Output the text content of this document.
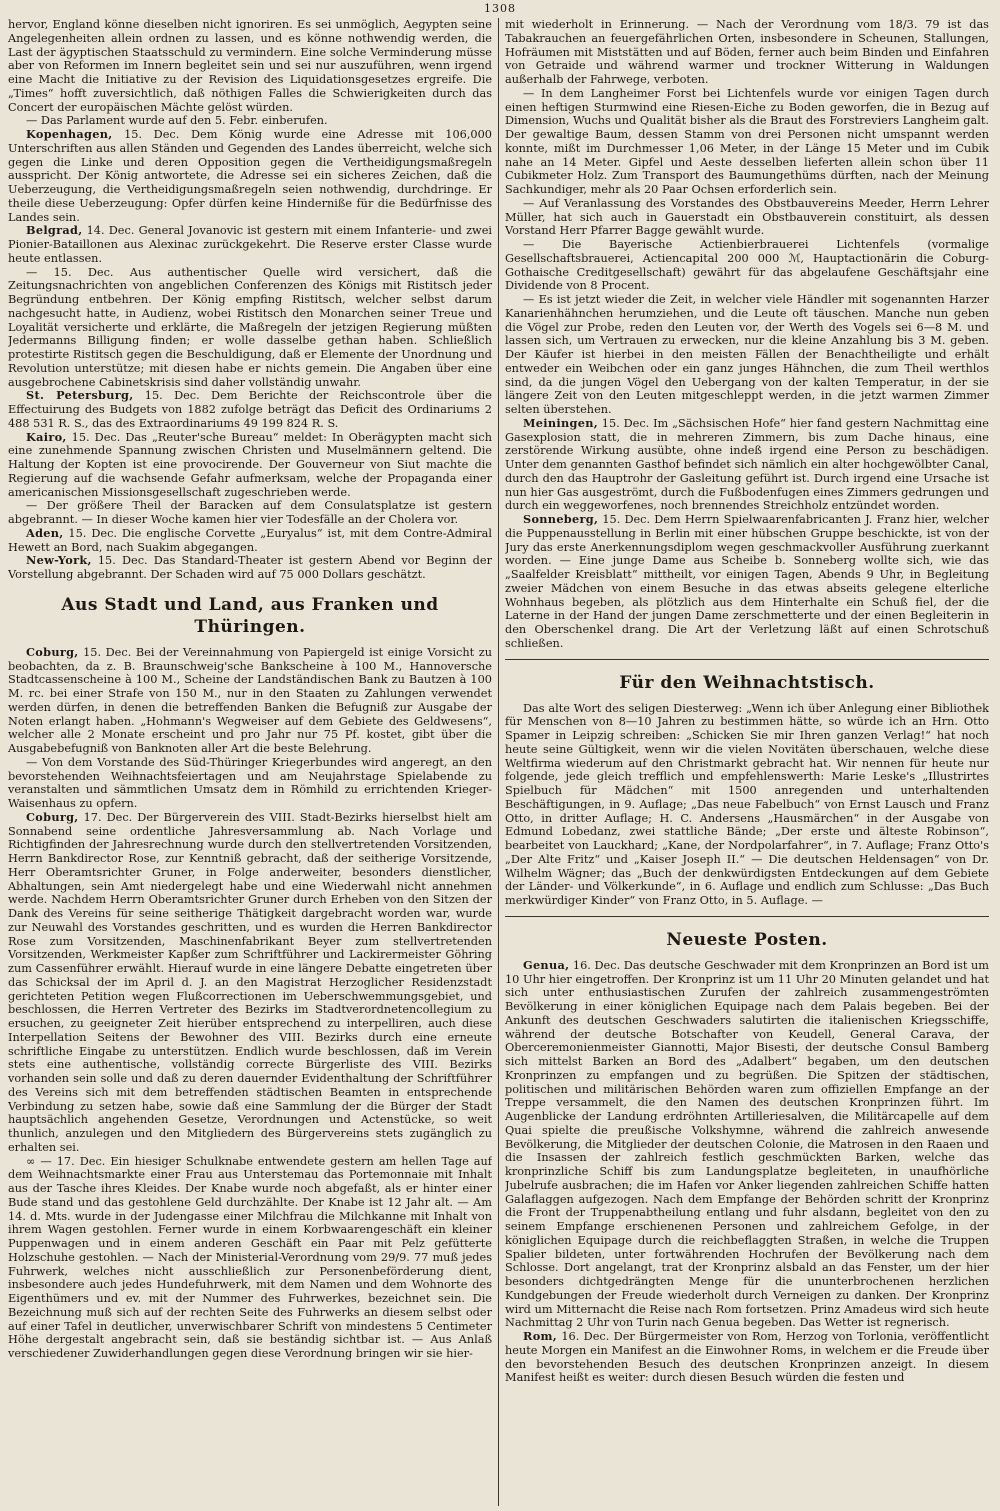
1308

hervor, England könne dieselben nicht ignoriren. Es sei unmöglich, Aegypten seine Angelegenheiten allein ordnen zu lassen, und es könne nothwendig werden, die Last der ägyptischen Staatsschuld zu vermindern. Eine solche Verminderung müsse aber von Reformen im Innern begleitet sein und sei nur auszuführen, wenn irgend eine Macht die Initiative zu der Revision des Liquidationsgesetzes ergreife. Die „Times“ hofft zuversichtlich, daß nöthigen Falles die Schwierigkeiten durch das Concert der europäischen Mächte gelöst würden.

— Das Parlament wurde auf den 5. Febr. einberufen.

Kopenhagen, 15. Dec. Dem König wurde eine Adresse mit 106,000 Unterschriften aus allen Ständen und Gegenden des Landes überreicht, welche sich gegen die Linke und deren Opposition gegen die Vertheidigungsmaßregeln ausspricht. Der König antwortete, die Adresse sei ein sicheres Zeichen, daß die Ueberzeugung, die Vertheidigungsmaßregeln seien nothwendig, durchdringe. Er theile diese Ueberzeugung: Opfer dürfen keine Hinderniße für die Bedürfnisse des Landes sein.

Belgrad, 14. Dec. General Jovanovic ist gestern mit einem Infanterie- und zwei Pionier-Bataillonen aus Alexinac zurückgekehrt. Die Reserve erster Classe wurde heute entlassen.

— 15. Dec. Aus authentischer Quelle wird versichert, daß die Zeitungsnachrichten von angeblichen Conferenzen des Königs mit Ristitsch jeder Begründung entbehren. Der König empfing Ristitsch, welcher selbst darum nachgesucht hatte, in Audienz, wobei Ristitsch den Monarchen seiner Treue und Loyalität versicherte und erklärte, die Maßregeln der jetzigen Regierung müßten Jedermanns Billigung finden; er wolle dasselbe gethan haben. Schließlich protestirte Ristitsch gegen die Beschuldigung, daß er Elemente der Unordnung und Revolution unterstütze; mit diesen habe er nichts gemein. Die Angaben über eine ausgebrochene Cabinetskrisis sind daher vollständig unwahr.

St. Petersburg, 15. Dec. Dem Berichte der Reichscontrole über die Effectuirung des Budgets von 1882 zufolge beträgt das Deficit des Ordinariums 2 488 531 R. S., das des Extraordinariums 49 199 824 R. S.

Kairo, 15. Dec. Das „Reuter'sche Bureau“ meldet: In Oberägypten macht sich eine zunehmende Spannung zwischen Christen und Muselmännern geltend. Die Haltung der Kopten ist eine provocirende. Der Gouverneur von Siut machte die Regierung auf die wachsende Gefahr aufmerksam, welche der Propaganda einer americanischen Missionsgesellschaft zugeschrieben werde.

— Der größere Theil der Baracken auf dem Consulatsplatze ist gestern abgebrannt. — In dieser Woche kamen hier vier Todesfälle an der Cholera vor.

Aden, 15. Dec. Die englische Corvette „Euryalus“ ist, mit dem Contre-Admiral Hewett an Bord, nach Suakim abgegangen.

New-York, 15. Dec. Das Standard-Theater ist gestern Abend vor Beginn der Vorstellung abgebrannt. Der Schaden wird auf 75 000 Dollars geschätzt.

Aus Stadt und Land, aus Franken und Thüringen.

Coburg, 15. Dec. Bei der Vereinnahmung von Papiergeld ist einige Vorsicht zu beobachten, da z. B. Braunschweig'sche Bankscheine à 100 M., Hannoversche Stadtcassenscheine à 100 M., Scheine der Landständischen Bank zu Bautzen à 100 M. rc. bei einer Strafe von 150 M., nur in den Staaten zu Zahlungen verwendet werden dürfen, in denen die betreffenden Banken die Befugniß zur Ausgabe der Noten erlangt haben. „Hohmann's Wegweiser auf dem Gebiete des Geldwesens“, welcher alle 2 Monate erscheint und pro Jahr nur 75 Pf. kostet, gibt über die Ausgabebefugniß von Banknoten aller Art die beste Belehrung.

— Von dem Vorstande des Süd-Thüringer Kriegerbundes wird angeregt, an den bevorstehenden Weihnachtsfeiertagen und am Neujahrstage Spielabende zu veranstalten und sämmtlichen Umsatz dem in Römhild zu errichtenden Krieger-Waisenhaus zu opfern.

Coburg, 17. Dec. Der Bürgerverein des VIII. Stadt-Bezirks hierselbst hielt am Sonnabend seine ordentliche Jahresversammlung ab. Nach Vorlage und Richtigfinden der Jahresrechnung wurde durch den stellvertretenden Vorsitzenden, Herrn Bankdirector Rose, zur Kenntniß gebracht, daß der seitherige Vorsitzende, Herr Oberamtsrichter Gruner, in Folge anderweiter, besonders dienstlicher, Abhaltungen, sein Amt niedergelegt habe und eine Wiederwahl nicht annehmen werde. Nachdem Herrn Oberamtsrichter Gruner durch Erheben von den Sitzen der Dank des Vereins für seine seitherige Thätigkeit dargebracht worden war, wurde zur Neuwahl des Vorstandes geschritten, und es wurden die Herren Bankdirector Rose zum Vorsitzenden, Maschinenfabrikant Beyer zum stellvertretenden Vorsitzenden, Werkmeister Kapßer zum Schriftführer und Lackirermeister Göhring zum Cassenführer erwählt. Hierauf wurde in eine längere Debatte eingetreten über das Schicksal der im April d. J. an den Magistrat Herzoglicher Residenzstadt gerichteten Petition wegen Flußcorrectionen im Ueberschwemmungsgebiet, und beschlossen, die Herren Vertreter des Bezirks im Stadtverordnetencollegium zu ersuchen, zu geeigneter Zeit hierüber entsprechend zu interpelliren, auch diese Interpellation Seitens der Bewohner des VIII. Bezirks durch eine erneute schriftliche Eingabe zu unterstützen. Endlich wurde beschlossen, daß im Verein stets eine authentische, vollständig correcte Bürgerliste des VIII. Bezirks vorhanden sein solle und daß zu deren dauernder Evidenthaltung der Schriftführer des Vereins sich mit dem betreffenden städtischen Beamten in entsprechende Verbindung zu setzen habe, sowie daß eine Sammlung der die Bürger der Stadt hauptsächlich angehenden Gesetze, Verordnungen und Actenstücke, so weit thunlich, anzulegen und den Mitgliedern des Bürgervereins stets zugänglich zu erhalten sei.

∞ — 17. Dec. Ein hiesiger Schulknabe entwendete gestern am hellen Tage auf dem Weihnachtsmarkte einer Frau aus Unterstemau das Portemonnaie mit Inhalt aus der Tasche ihres Kleides. Der Knabe wurde noch abgefaßt, als er hinter einer Bude stand und das gestohlene Geld durchzählte. Der Knabe ist 12 Jahr alt. — Am 14. d. Mts. wurde in der Judengasse einer Milchfrau die Milchkanne mit Inhalt von ihrem Wagen gestohlen. Ferner wurde in einem Korbwaarengeschäft ein kleiner Puppenwagen und in einem anderen Geschäft ein Paar mit Pelz gefütterte Holzschuhe gestohlen. — Nach der Ministerial-Verordnung vom 29/9. 77 muß jedes Fuhrwerk, welches nicht ausschließlich zur Personenbeförderung dient, insbesondere auch jedes Hundefuhrwerk, mit dem Namen und dem Wohnorte des Eigenthümers und ev. mit der Nummer des Fuhrwerkes, bezeichnet sein. Die Bezeichnung muß sich auf der rechten Seite des Fuhrwerks an diesem selbst oder auf einer Tafel in deutlicher, unverwischbarer Schrift von mindestens 5 Centimeter Höhe dergestalt angebracht sein, daß sie beständig sichtbar ist. — Aus Anlaß verschiedener Zuwiderhandlungen gegen diese Verordnung bringen wir sie hier-

mit wiederholt in Erinnerung. — Nach der Verordnung vom 18/3. 79 ist das Tabakrauchen an feuergefährlichen Orten, insbesondere in Scheunen, Stallungen, Hofräumen mit Miststätten und auf Böden, ferner auch beim Binden und Einfahren von Getraide und während warmer und trockner Witterung in Waldungen außerhalb der Fahrwege, verboten.

— In dem Langheimer Forst bei Lichtenfels wurde vor einigen Tagen durch einen heftigen Sturmwind eine Riesen-Eiche zu Boden geworfen, die in Bezug auf Dimension, Wuchs und Qualität bisher als die Braut des Forstreviers Langheim galt. Der gewaltige Baum, dessen Stamm von drei Personen nicht umspannt werden konnte, mißt im Durchmesser 1,06 Meter, in der Länge 15 Meter und im Cubik nahe an 14 Meter. Gipfel und Aeste desselben lieferten allein schon über 11 Cubikmeter Holz. Zum Transport des Baumungethüms dürften, nach der Meinung Sachkundiger, mehr als 20 Paar Ochsen erforderlich sein.

— Auf Veranlassung des Vorstandes des Obstbauvereins Meeder, Herrn Lehrer Müller, hat sich auch in Gauerstadt ein Obstbauverein constituirt, als dessen Vorstand Herr Pfarrer Bagge gewählt wurde.

— Die Bayerische Actienbierbrauerei Lichtenfels (vormalige Gesellschaftsbrauerei, Actiencapital 200 000 ℳ, Hauptactionärin die Coburg-Gothaische Creditgesellschaft) gewährt für das abgelaufene Geschäftsjahr eine Dividende von 8 Procent.

— Es ist jetzt wieder die Zeit, in welcher viele Händler mit sogenannten Harzer Kanarienhähnchen herumziehen, und die Leute oft täuschen. Manche nun geben die Vögel zur Probe, reden den Leuten vor, der Werth des Vogels sei 6—8 M. und lassen sich, um Vertrauen zu erwecken, nur die kleine Anzahlung bis 3 M. geben. Der Käufer ist hierbei in den meisten Fällen der Benachtheiligte und erhält entweder ein Weibchen oder ein ganz junges Hähnchen, die zum Theil werthlos sind, da die jungen Vögel den Uebergang von der kalten Temperatur, in der sie längere Zeit von den Leuten mitgeschleppt werden, in die jetzt warmen Zimmer selten überstehen.

Meiningen, 15. Dec. Im „Sächsischen Hofe“ hier fand gestern Nachmittag eine Gasexplosion statt, die in mehreren Zimmern, bis zum Dache hinaus, eine zerstörende Wirkung ausübte, ohne indeß irgend eine Person zu beschädigen. Unter dem genannten Gasthof befindet sich nämlich ein alter hochgewölbter Canal, durch den das Hauptrohr der Gasleitung geführt ist. Durch irgend eine Ursache ist nun hier Gas ausgeströmt, durch die Fußbodenfugen eines Zimmers gedrungen und durch ein weggeworfenes, noch brennendes Streichholz entzündet worden.

Sonneberg, 15. Dec. Dem Herrn Spielwaarenfabricanten J. Franz hier, welcher die Puppenausstellung in Berlin mit einer hübschen Gruppe beschickte, ist von der Jury das erste Anerkennungsdiplom wegen geschmackvoller Ausführung zuerkannt worden. — Eine junge Dame aus Scheibe b. Sonneberg wollte sich, wie das „Saalfelder Kreisblatt“ mittheilt, vor einigen Tagen, Abends 9 Uhr, in Begleitung zweier Mädchen von einem Besuche in das etwas abseits gelegene elterliche Wohnhaus begeben, als plötzlich aus dem Hinterhalte ein Schuß fiel, der die Laterne in der Hand der jungen Dame zerschmetterte und der einen Begleiterin in den Oberschenkel drang. Die Art der Verletzung läßt auf einen Schrotschuß schließen.

Für den Weihnachtstisch.

Das alte Wort des seligen Diesterweg: „Wenn ich über Anlegung einer Bibliothek für Menschen von 8—10 Jahren zu bestimmen hätte, so würde ich an Hrn. Otto Spamer in Leipzig schreiben: „Schicken Sie mir Ihren ganzen Verlag!“ hat noch heute seine Gültigkeit, wenn wir die vielen Novitäten überschauen, welche diese Weltfirma wiederum auf den Christmarkt gebracht hat. Wir nennen für heute nur folgende, jede gleich trefflich und empfehlenswerth: Marie Leske's „Illustrirtes Spielbuch für Mädchen“ mit 1500 anregenden und unterhaltenden Beschäftigungen, in 9. Auflage; „Das neue Fabelbuch“ von Ernst Lausch und Franz Otto, in dritter Auflage; H. C. Andersens „Hausmärchen“ in der Ausgabe von Edmund Lobedanz, zwei stattliche Bände; „Der erste und älteste Robinson“, bearbeitet von Lauckhard; „Kane, der Nordpolarfahrer“, in 7. Auflage; Franz Otto's „Der Alte Fritz“ und „Kaiser Joseph II.“ — Die deutschen Heldensagen“ von Dr. Wilhelm Wägner; das „Buch der denkwürdigsten Entdeckungen auf dem Gebiete der Länder- und Völkerkunde“, in 6. Auflage und endlich zum Schlusse: „Das Buch merkwürdiger Kinder“ von Franz Otto, in 5. Auflage. —

Neueste Posten.

Genua, 16. Dec. Das deutsche Geschwader mit dem Kronprinzen an Bord ist um 10 Uhr hier eingetroffen. Der Kronprinz ist um 11 Uhr 20 Minuten gelandet und hat sich unter enthusiastischen Zurufen der zahlreich zusammengeströmten Bevölkerung in einer königlichen Equipage nach dem Palais begeben. Bei der Ankunft des deutschen Geschwaders salutirten die italienischen Kriegsschiffe, während der deutsche Botschafter von Keudell, General Carava, der Oberceremonienmeister Giannotti, Major Bisesti, der deutsche Consul Bamberg sich mittelst Barken an Bord des „Adalbert“ begaben, um den deutschen Kronprinzen zu empfangen und zu begrüßen. Die Spitzen der städtischen, politischen und militärischen Behörden waren zum offiziellen Empfange an der Treppe versammelt, die den Namen des deutschen Kronprinzen führt. Im Augenblicke der Landung erdröhnten Artilleriesalven, die Militärcapelle auf dem Quai spielte die preußische Volkshymne, während die zahlreich anwesende Bevölkerung, die Mitglieder der deutschen Colonie, die Matrosen in den Raaen und die Insassen der zahlreich festlich geschmückten Barken, welche das kronprinzliche Schiff bis zum Landungsplatze begleiteten, in unaufhörliche Jubelrufe ausbrachen; die im Hafen vor Anker liegenden zahlreichen Schiffe hatten Galaflaggen aufgezogen. Nach dem Empfange der Behörden schritt der Kronprinz die Front der Truppenabtheilung entlang und fuhr alsdann, begleitet von den zu seinem Empfange erschienenen Personen und zahlreichem Gefolge, in der königlichen Equipage durch die reichbeflaggten Straßen, in welche die Truppen Spalier bildeten, unter fortwährenden Hochrufen der Bevölkerung nach dem Schlosse. Dort angelangt, trat der Kronprinz alsbald an das Fenster, um der hier besonders dichtgedrängten Menge für die ununterbrochenen herzlichen Kundgebungen der Freude wiederholt durch Verneigen zu danken. Der Kronprinz wird um Mitternacht die Reise nach Rom fortsetzen. Prinz Amadeus wird sich heute Nachmittag 2 Uhr von Turin nach Genua begeben. Das Wetter ist regnerisch.

Rom, 16. Dec. Der Bürgermeister von Rom, Herzog von Torlonia, veröffentlicht heute Morgen ein Manifest an die Einwohner Roms, in welchem er die Freude über den bevorstehenden Besuch des deutschen Kronprinzen anzeigt. In diesem Manifest heißt es weiter: durch diesen Besuch würden die festen und
